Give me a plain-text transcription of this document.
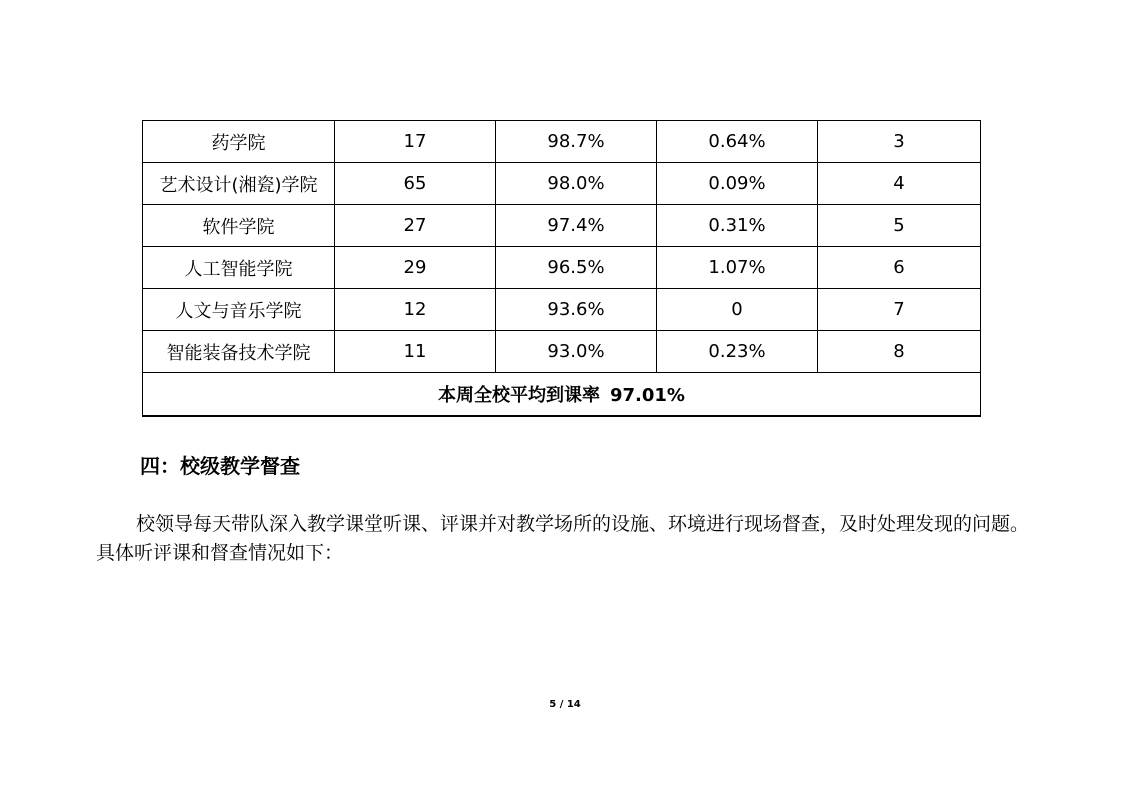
药学院	17	98.7%	0.64%	3
艺术设计(湘瓷)学院	65	98.0%	0.09%	4
软件学院	27	97.4%	0.31%	5
人工智能学院	29	96.5%	1.07%	6
人文与音乐学院	12	93.6%	0	7
智能装备技术学院	11	93.0%	0.23%	8
本周全校平均到课率 97.01%				
四：校级教学督查

校领导每天带队深入教学课堂听课、评课并对教学场所的设施、环境进行现场督查，及时处理发现的问题。具体听评课和督查情况如下：

5 / 14
